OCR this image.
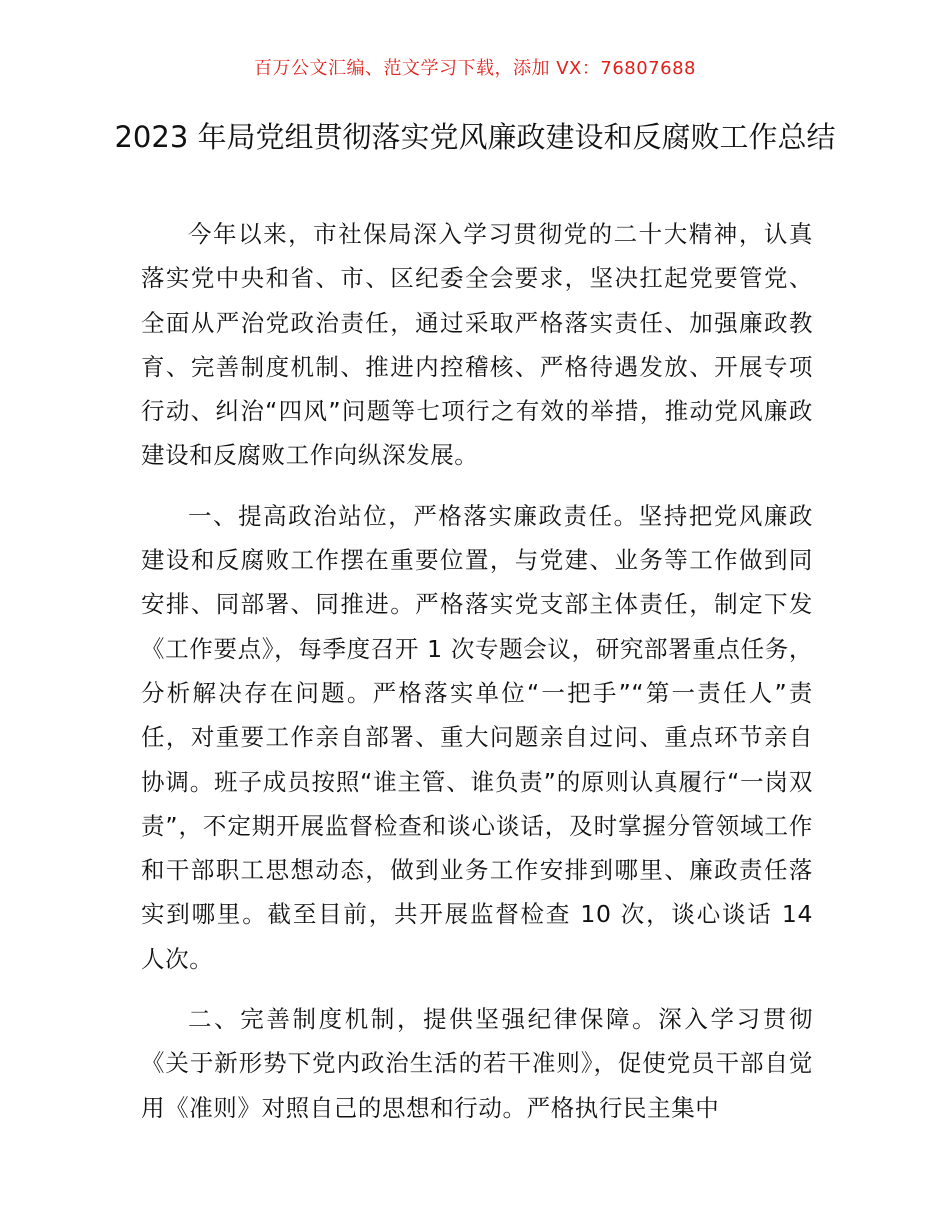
百万公文汇编、范文学习下载，添加 VX：76807688
2023 年局党组贯彻落实党风廉政建设和反腐败工作总结

今年以来，市社保局深入学习贯彻党的二十大精神，认真落实党中央和省、市、区纪委全会要求，坚决扛起党要管党、全面从严治党政治责任，通过采取严格落实责任、加强廉政教育、完善制度机制、推进内控稽核、严格待遇发放、开展专项行动、纠治“四风”问题等七项行之有效的举措，推动党风廉政建设和反腐败工作向纵深发展。

一、提高政治站位，严格落实廉政责任。坚持把党风廉政建设和反腐败工作摆在重要位置，与党建、业务等工作做到同安排、同部署、同推进。严格落实党支部主体责任，制定下发《工作要点》，每季度召开 1 次专题会议，研究部署重点任务，分析解决存在问题。严格落实单位“一把手”“第一责任人”责任，对重要工作亲自部署、重大问题亲自过问、重点环节亲自协调。班子成员按照“谁主管、谁负责”的原则认真履行“一岗双责”，不定期开展监督检查和谈心谈话，及时掌握分管领域工作和干部职工思想动态，做到业务工作安排到哪里、廉政责任落实到哪里。截至目前，共开展监督检查 10 次，谈心谈话 14 人次。

二、完善制度机制，提供坚强纪律保障。深入学习贯彻《关于新形势下党内政治生活的若干准则》，促使党员干部自觉用《准则》对照自己的思想和行动。严格执行民主集中
